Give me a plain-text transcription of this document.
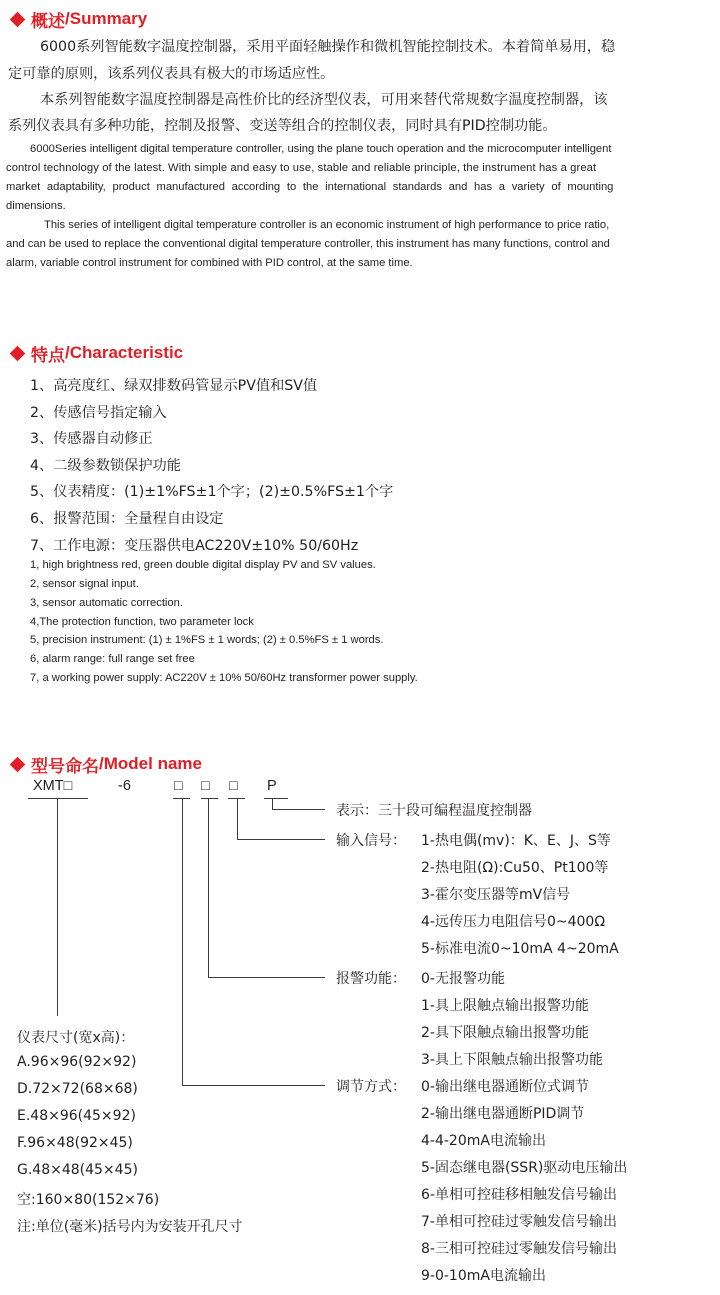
概述 / Summary
6000系列智能数字温度控制器，采用平面轻触操作和微机智能控制技术。本着简单易用，稳
定可靠的原则，该系列仪表具有极大的市场适应性。
本系列智能数字温度控制器是高性价比的经济型仪表，可用来替代常规数字温度控制器，该
系列仪表具有多种功能，控制及报警、变送等组合的控制仪表，同时具有PID控制功能。
6000Series intelligent digital temperature controller, using the plane touch operation and the microcomputer intelligent
control technology of the latest. With simple and easy to use, stable and reliable principle, the instrument has a great
market adaptability, product manufactured according to the international standards and has a variety of mounting
dimensions.
This series of intelligent digital temperature controller is an economic instrument of high performance to price ratio,
and can be used to replace the conventional digital temperature controller, this instrument has many functions, control and
alarm, variable control instrument for combined with PID control, at the same time.
特点 / Characteristic
1、高亮度红、绿双排数码管显示PV值和SV值
2、传感信号指定输入
3、传感器自动修正
4、二级参数锁保护功能
5、仪表精度：(1)±1%FS±1个字；(2)±0.5%FS±1个字
6、报警范围：全量程自由设定
7、工作电源：变压器供电AC220V±10% 50/60Hz
1, high brightness red, green double digital display PV and SV values.
2, sensor signal input.
3, sensor automatic correction.
4,The protection function, two parameter lock
5, precision instrument: (1) ± 1%FS ± 1 words; (2) ± 0.5%FS ± 1 words.
6, alarm range: full range set free
7, a working power supply: AC220V ± 10% 50/60Hz transformer power supply.
型号命名 / Model name
XMT□	-6	□ □ □ P
表示：三十段可编程温度控制器
输入信号： 1-热电偶(mv)：K、E、J、S等
2-热电阻(Ω):Cu50、Pt100等
3-霍尔变压器等mV信号
4-远传压力电阻信号0~400Ω
5-标准电流0~10mA 4~20mA
报警功能： 0-无报警功能
1-具上限触点输出报警功能
2-具下限触点输出报警功能
3-具上下限触点输出报警功能
调节方式： 0-输出继电器通断位式调节
2-输出继电器通断PID调节
4-4-20mA电流输出
5-固态继电器(SSR)驱动电压输出
6-单相可控硅移相触发信号输出
7-单相可控硅过零触发信号输出
8-三相可控硅过零触发信号输出
9-0-10mA电流输出
仪表尺寸(宽x高)：
A.96×96(92×92)
D.72×72(68×68)
E.48×96(45×92)
F.96×48(92×45)
G.48×48(45×45)
空:160×80(152×76)
注:单位(毫米)括号内为安装开孔尺寸
